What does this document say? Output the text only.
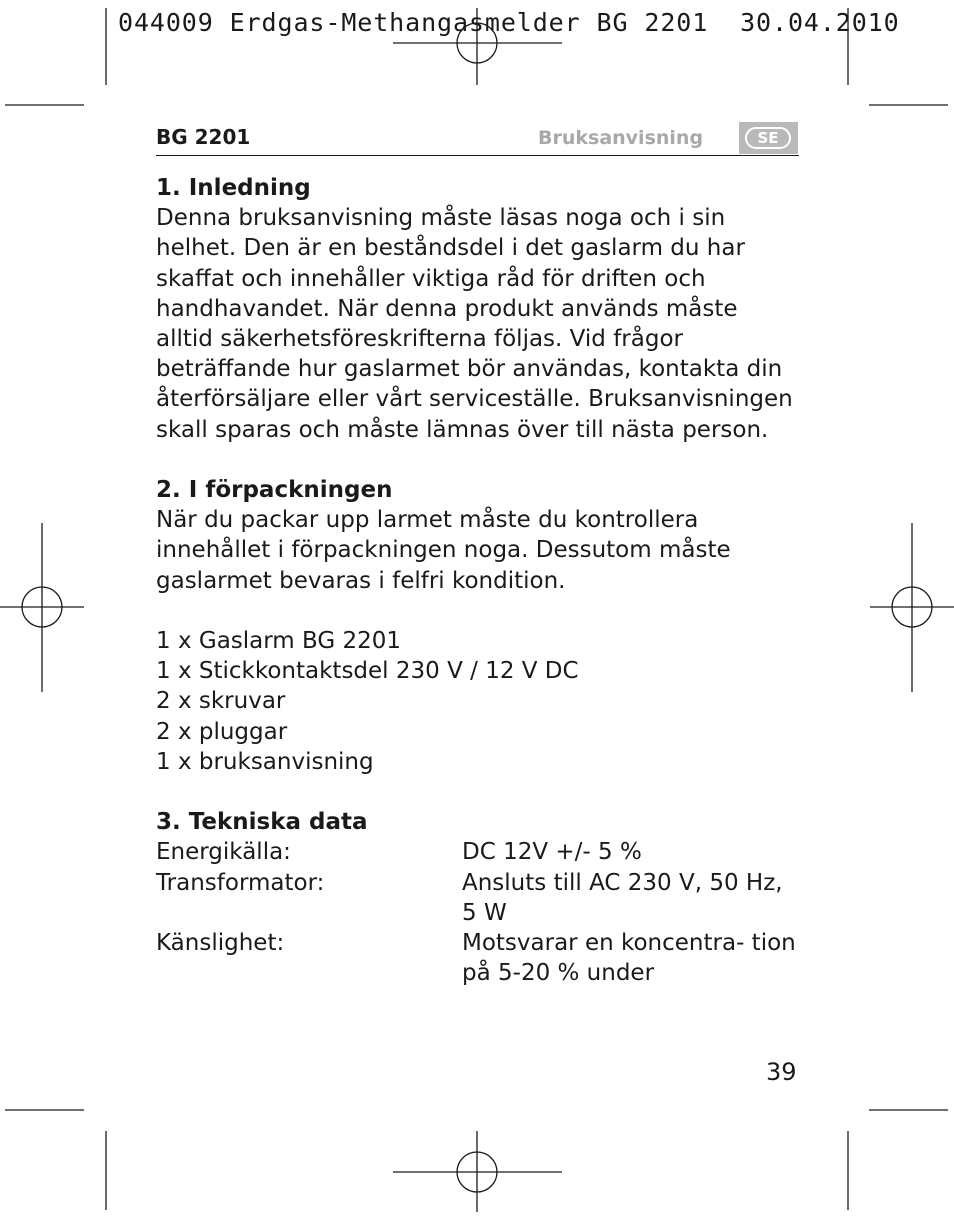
044009 Erdgas-Methangasmelder BG 2201  30.04.2010
BG 2201	Bruksanvisning	SE
1. Inledning

Denna bruksanvisning måste läsas noga och i sin helhet. Den är en beståndsdel i det gaslarm du har skaffat och innehåller viktiga råd för driften och handhavandet. När denna produkt används måste alltid säkerhetsföreskrifterna följas. Vid frågor beträffande hur gaslarmet bör användas, kontakta din återförsäljare eller vårt serviceställe. Bruksanvisningen skall sparas och måste lämnas över till nästa person.

2. I förpackningen

När du packar upp larmet måste du kontrollera innehållet i förpackningen noga. Dessutom måste gaslarmet bevaras i felfri kondition.

1 x Gaslarm BG 2201
1 x Stickkontaktsdel 230 V / 12 V DC
2 x skruvar
2 x pluggar
1 x bruksanvisning
3. Tekniska data

Energikälla:	DC 12V +/- 5 %

Transformator:	Ansluts till AC 230 V, 50 Hz, 5 W

Känslighet:	Motsvarar en koncentra- tion på 5-20 % under

39
